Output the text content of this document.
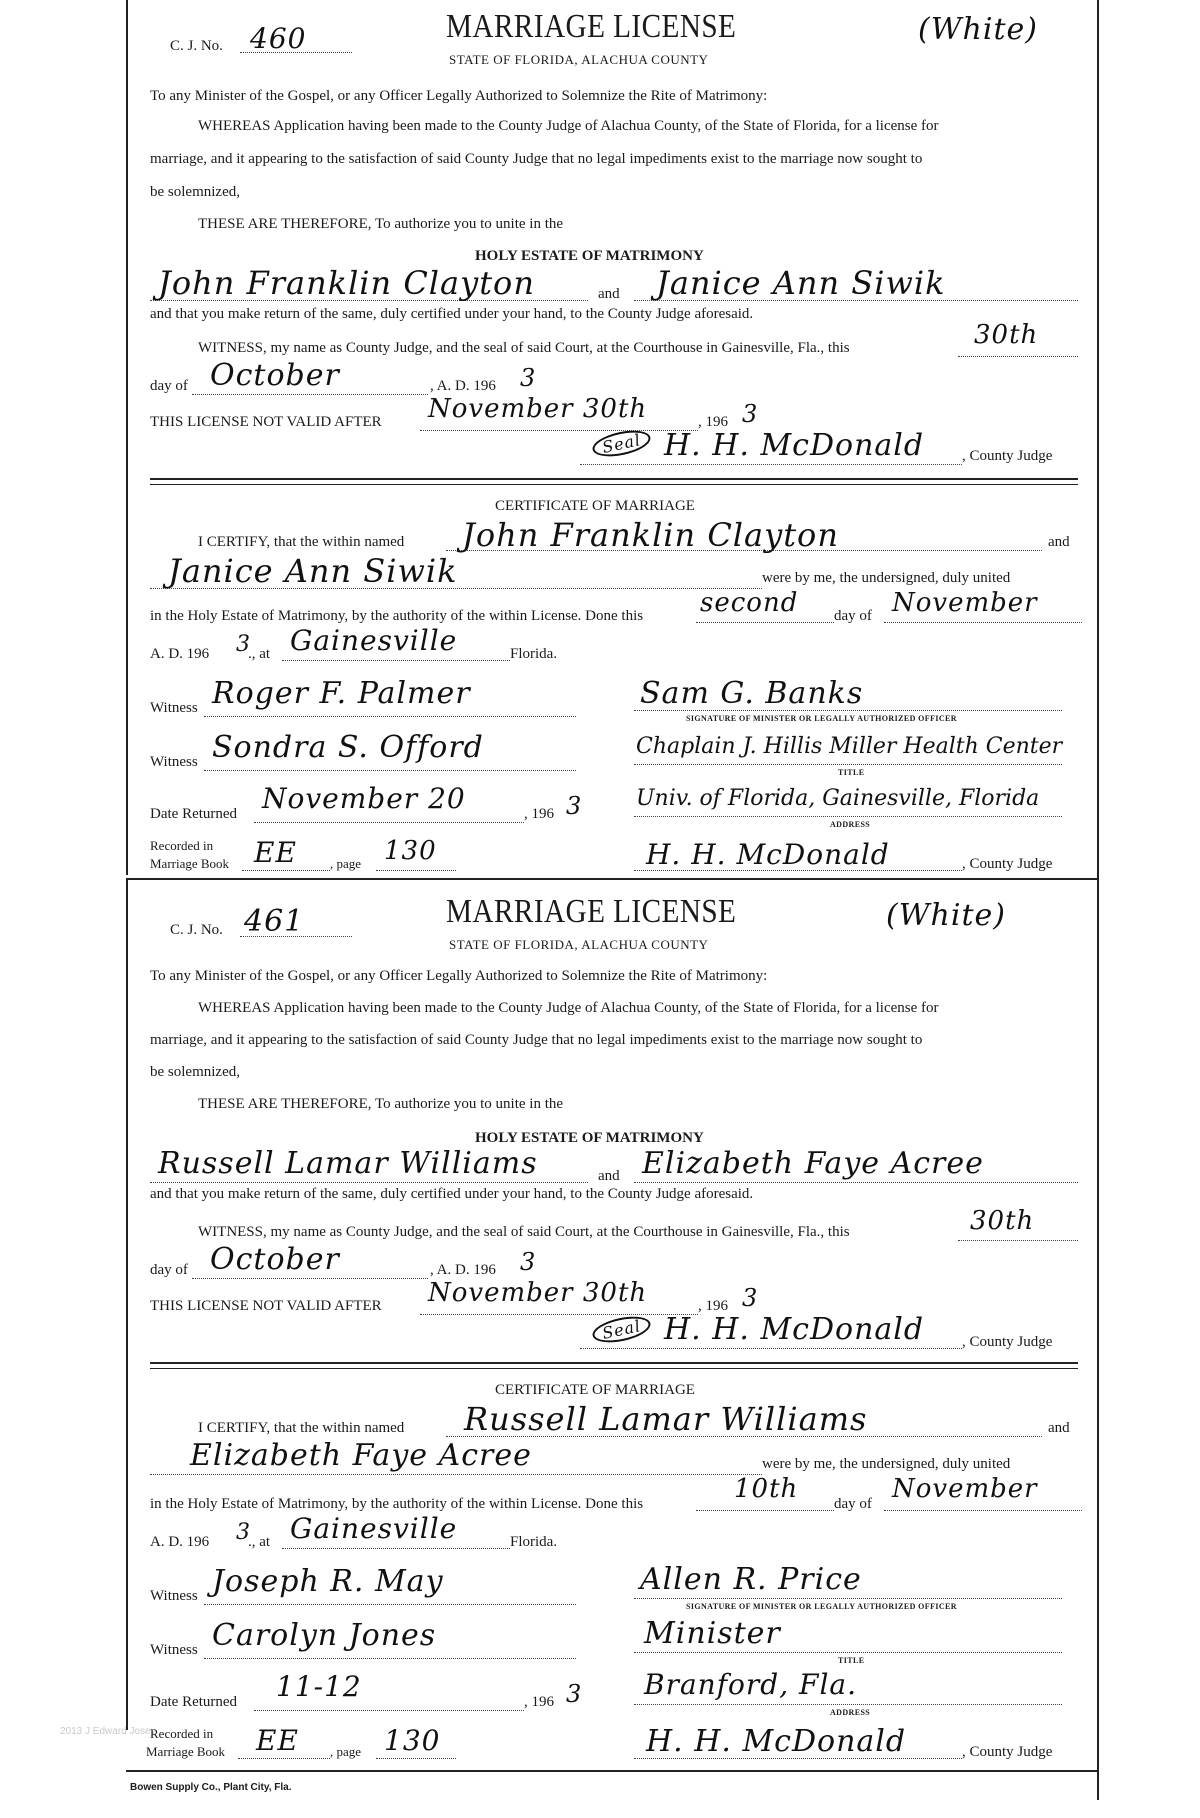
C. J. No. 460	MARRIAGE LICENSE
STATE OF FLORIDA, ALACHUA COUNTY
(White)
To any Minister of the Gospel, or any Officer Legally Authorized to Solemnize the Rite of Matrimony:
WHEREAS Application having been made to the County Judge of Alachua County, of the State of Florida, for a license for
marriage, and it appearing to the satisfaction of said County Judge that no legal impediments exist to the marriage now sought to
be solemnized,
THESE ARE THEREFORE, To authorize you to unite in the
HOLY ESTATE OF MATRIMONY
John Franklin Clayton	and Janice Ann Siwik
and that you make return of the same, duly certified under your hand, to the County Judge aforesaid.
WITNESS, my name as County Judge, and the seal of said Court, at the Courthouse in Gainesville, Fla., this	30th
day of October	, A. D. 196 3
THIS LICENSE NOT VALID AFTER November 30th	, 196 3
Seal H. H. McDonald	, County Judge
CERTIFICATE OF MARRIAGE
I CERTIFY, that the within named John Franklin Clayton	and
Janice Ann Siwik	were by me, the undersigned, duly united
in the Holy Estate of Matrimony, by the authority of the within License. Done this second day of November
A. D. 196 3
., at Gainesville	Florida.
Witness Roger F. Palmer	Sam G. Banks
SIGNATURE OF MINISTER OR LEGALLY AUTHORIZED OFFICER
Witness Sondra S. Offord	Chaplain J. Hillis Miller Health Center
TITLE
Date Returned November 20	, 196 3 Univ. of Florida, Gainesville, Florida
ADDRESS
Recorded in
Marriage Book EE	, page 130	H. H. McDonald	, County Judge
C. J. No. 461	MARRIAGE LICENSE
STATE OF FLORIDA, ALACHUA COUNTY
(White)
To any Minister of the Gospel, or any Officer Legally Authorized to Solemnize the Rite of Matrimony:
WHEREAS Application having been made to the County Judge of Alachua County, of the State of Florida, for a license for
marriage, and it appearing to the satisfaction of said County Judge that no legal impediments exist to the marriage now sought to
be solemnized,
THESE ARE THEREFORE, To authorize you to unite in the
HOLY ESTATE OF MATRIMONY
Russell Lamar Williams	and Elizabeth Faye Acree
and that you make return of the same, duly certified under your hand, to the County Judge aforesaid.
WITNESS, my name as County Judge, and the seal of said Court, at the Courthouse in Gainesville, Fla., this	30th
day of October	, A. D. 196 3
THIS LICENSE NOT VALID AFTER November 30th	, 196 3
Seal H. H. McDonald	, County Judge
CERTIFICATE OF MARRIAGE
I CERTIFY, that the within named Russell Lamar Williams	and
Elizabeth Faye Acree	were by me, the undersigned, duly united
in the Holy Estate of Matrimony, by the authority of the within License. Done this	10th day of November
A. D. 196 3
., at Gainesville	Florida.
Witness Joseph R. May	Allen R. Price
SIGNATURE OF MINISTER OR LEGALLY AUTHORIZED OFFICER
Witness Carolyn Jones	Minister
TITLE
Date Returned 11-12	, 196 3 Branford, Fla.
ADDRESS
2013 J Edward Josey
Recorded in
Marriage Book EE , page 130	H. H. McDonald	, County Judge
Bowen Supply Co., Plant City, Fla.
